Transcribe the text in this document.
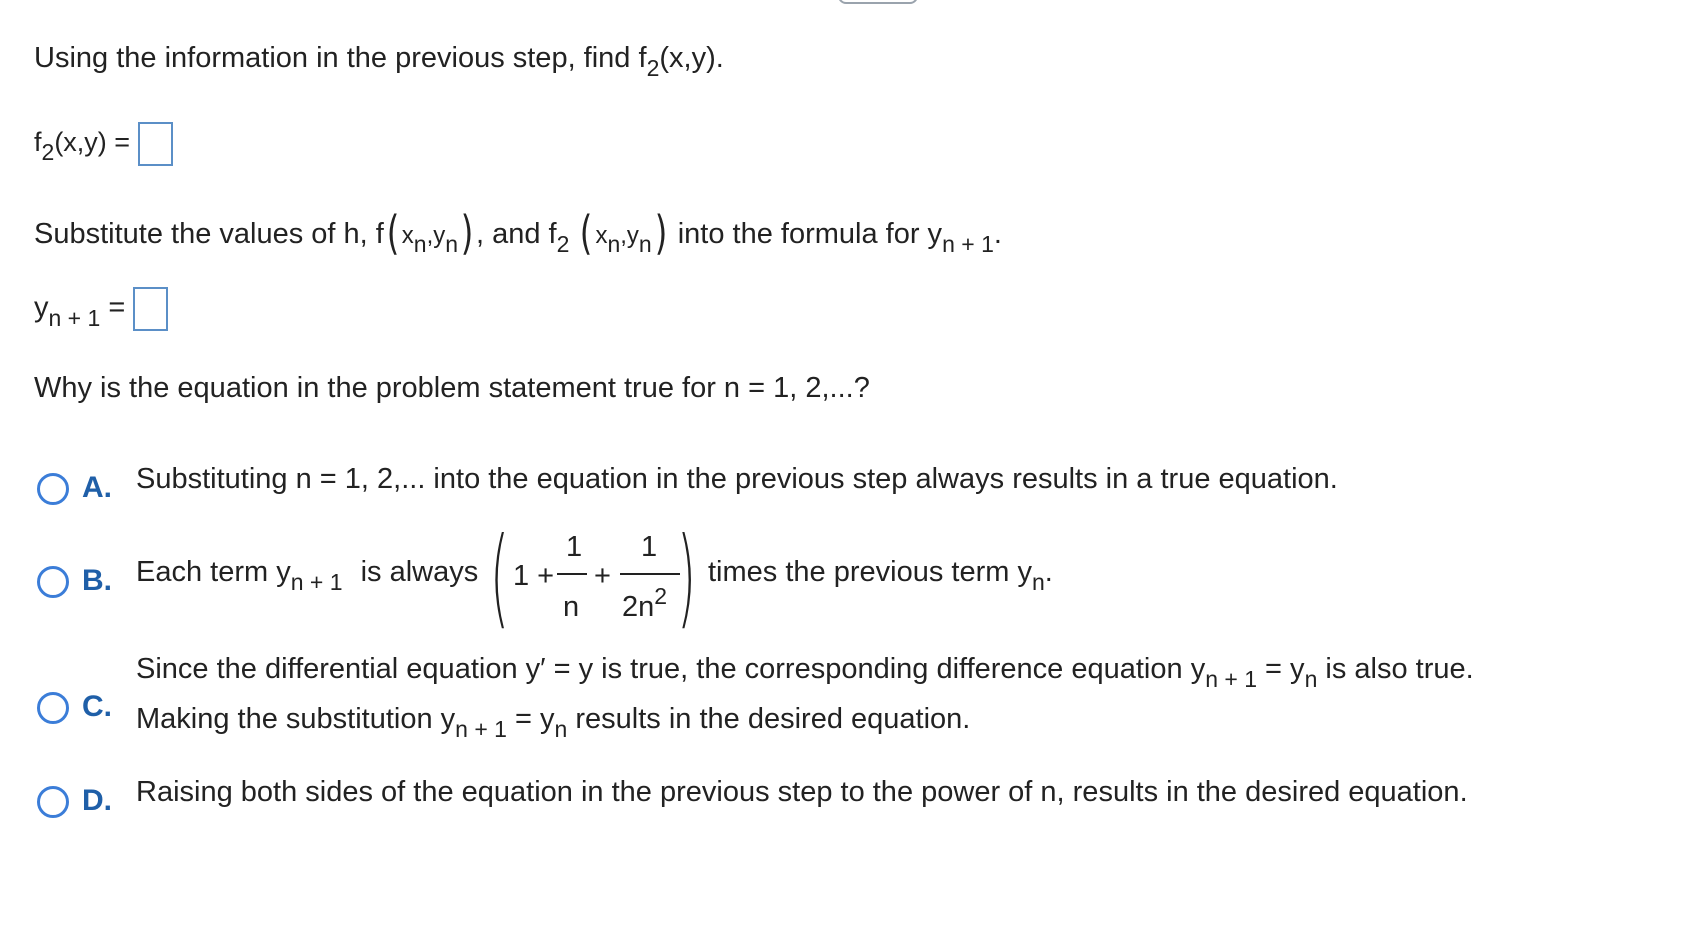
Using the information in the previous step, find $f_2(x,y)$.
f2(x,y) =
Substitute the values of h, f( $x_n,y_n$), and $f_2$ ( $x_n,y_n$) into the formula for $y_{n + 1}$.
$y_{n + 1}$ =
Why is the equation in the problem statement true for n = 1, 2,...?
A. Substituting n = 1, 2,... into the equation in the previous step always results in a true equation.
B. Each term $y_{n + 1}$ is always ( 1 +
1
n
+
1
$2n^2$ ) times the previous term $y_n$.
C.
Since the differential equation y′ = y is true, the corresponding difference equation $y_{n + 1} = y_n$ is also true.
Making the substitution $y_{n + 1} = y_n$ results in the desired equation.
D. Raising both sides of the equation in the previous step to the power of n, results in the desired equation.
